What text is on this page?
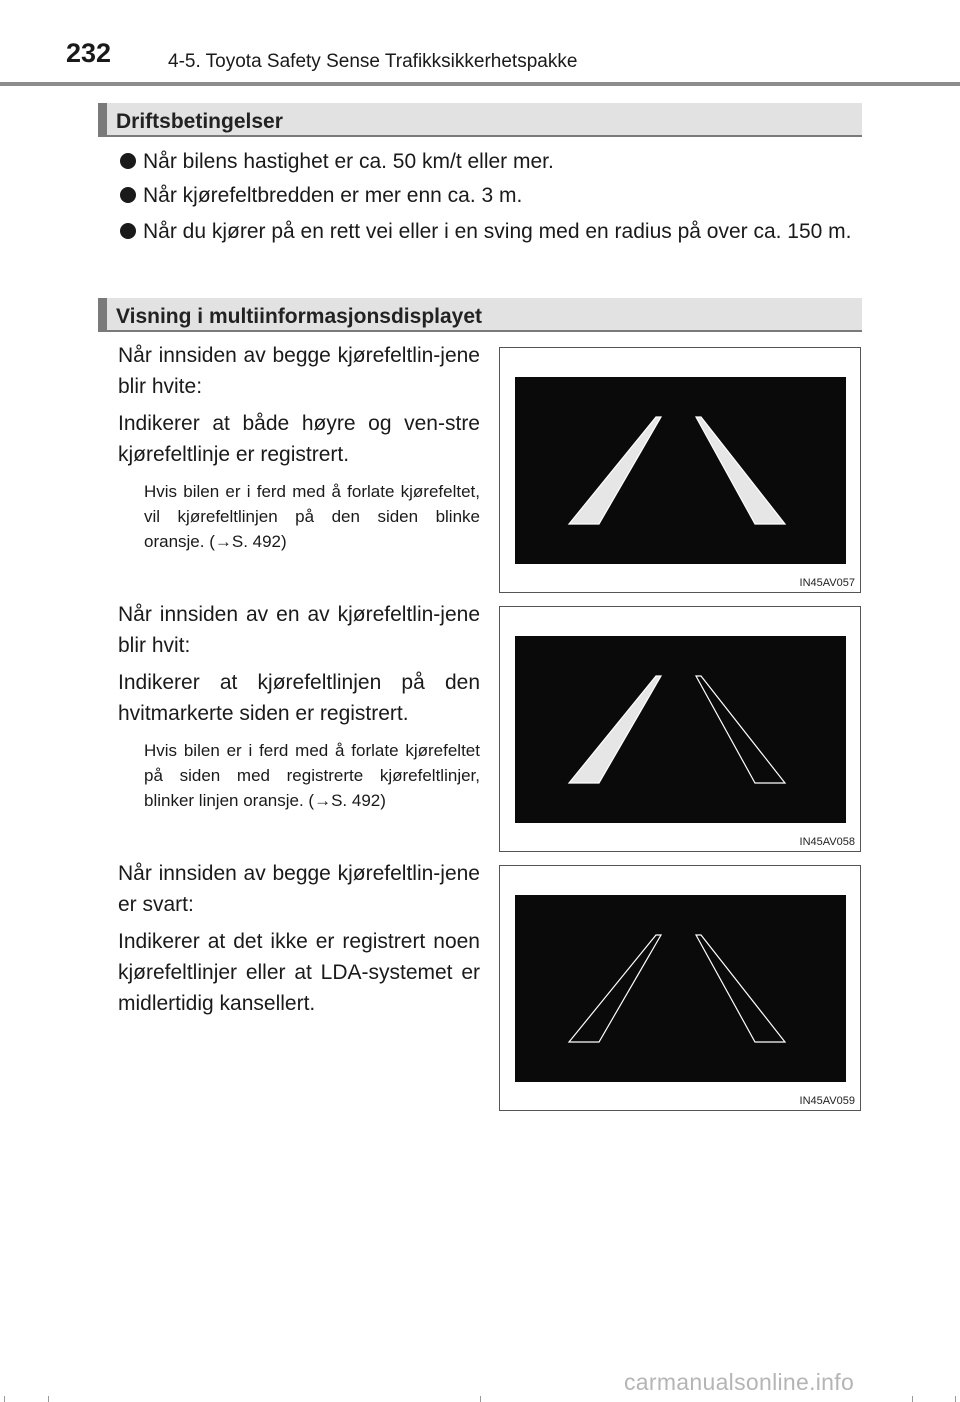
232	4-5. Toyota Safety Sense Trafikksikkerhetspakke
Driftsbetingelser
Når bilens hastighet er ca. 50 km/t eller mer.
Når kjørefeltbredden er mer enn ca. 3 m.
Når du kjører på en rett vei eller i en sving med en radius på over ca. 150 m.
Visning i multiinformasjonsdisplayet
Når innsiden av begge kjørefeltlin-jene blir hvite:
Indikerer at både høyre og ven-stre kjørefeltlinje er registrert.
Hvis bilen er i ferd med å forlate kjørefeltet, vil kjørefeltlinjen på den siden blinke oransje. (→S. 492)
IN45AV057
Når innsiden av en av kjørefeltlin-jene blir hvit:
Indikerer at kjørefeltlinjen på den hvitmarkerte siden er registrert.
Hvis bilen er i ferd med å forlate kjørefeltet på siden med registrerte kjørefeltlinjer, blinker linjen oransje. (→S. 492)
IN45AV058
Når innsiden av begge kjørefeltlin-jene er svart:
Indikerer at det ikke er registrert noen kjørefeltlinjer eller at LDA-systemet er midlertidig kansellert.
IN45AV059
carmanualsonline.info
